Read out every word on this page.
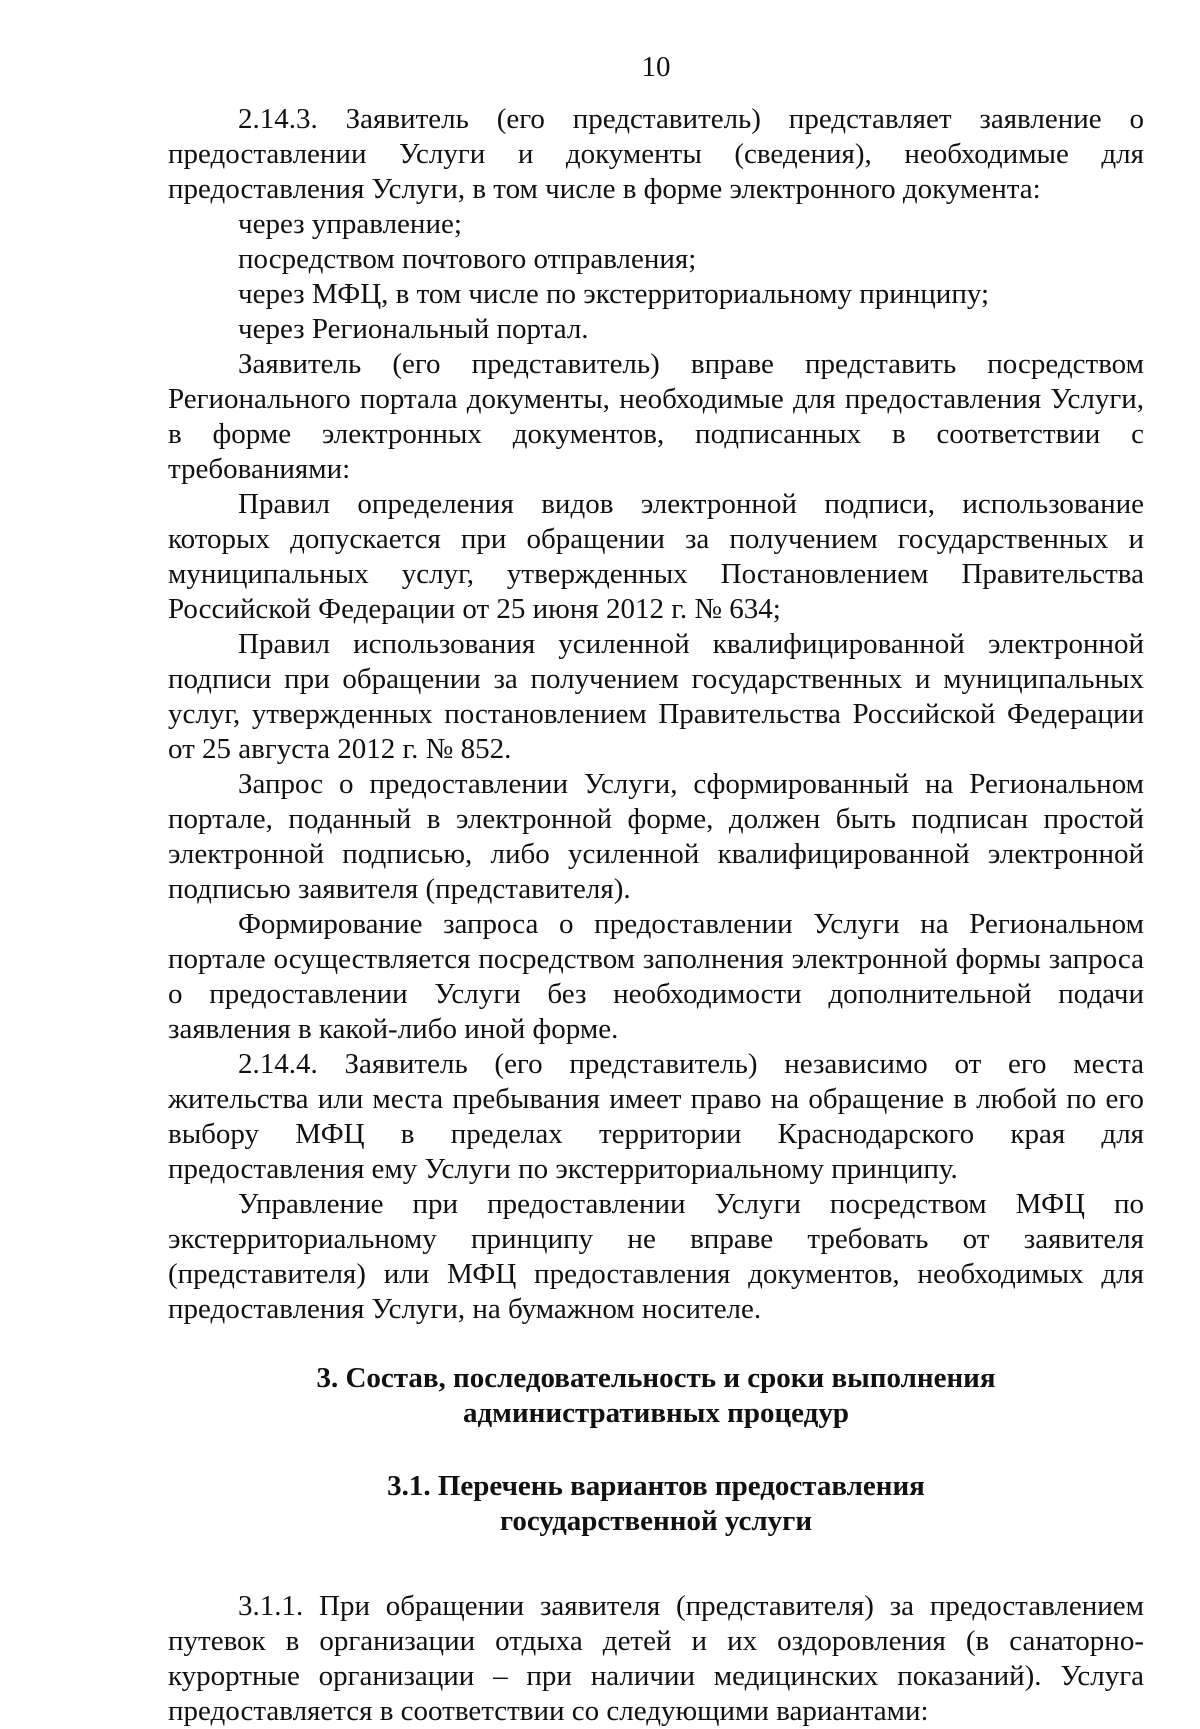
10

2.14.3. Заявитель (его представитель) представляет заявление о предоставлении Услуги и документы (сведения), необходимые для предоставления Услуги, в том числе в форме электронного документа:

через управление;

посредством почтового отправления;

через МФЦ, в том числе по экстерриториальному принципу;

через Региональный портал.

Заявитель (его представитель) вправе представить посредством Регионального портала документы, необходимые для предоставления Услуги, в форме электронных документов, подписанных в соответствии с требованиями:

Правил определения видов электронной подписи, использование которых допускается при обращении за получением государственных и муниципальных услуг, утвержденных Постановлением Правительства Российской Федерации от 25 июня 2012 г. № 634;

Правил использования усиленной квалифицированной электронной подписи при обращении за получением государственных и муниципальных услуг, утвержденных постановлением Правительства Российской Федерации от 25 августа 2012 г. № 852.

Запрос о предоставлении Услуги, сформированный на Региональном портале, поданный в электронной форме, должен быть подписан простой электронной подписью, либо усиленной квалифицированной электронной подписью заявителя (представителя).

Формирование запроса о предоставлении Услуги на Региональном портале осуществляется посредством заполнения электронной формы запроса о предоставлении Услуги без необходимости дополнительной подачи заявления в какой-либо иной форме.

2.14.4. Заявитель (его представитель) независимо от его места жительства или места пребывания имеет право на обращение в любой по его выбору МФЦ в пределах территории Краснодарского края для предоставления ему Услуги по экстерриториальному принципу.

Управление при предоставлении Услуги посредством МФЦ по экстерриториальному принципу не вправе требовать от заявителя (представителя) или МФЦ предоставления документов, необходимых для предоставления Услуги, на бумажном носителе.

3. Состав, последовательность и сроки выполнения
административных процедур
3.1. Перечень вариантов предоставления
государственной услуги

3.1.1. При обращении заявителя (представителя) за предоставлением путевок в организации отдыха детей и их оздоровления (в санаторно-курортные организации – при наличии медицинских показаний). Услуга предоставляется в соответствии со следующими вариантами:
